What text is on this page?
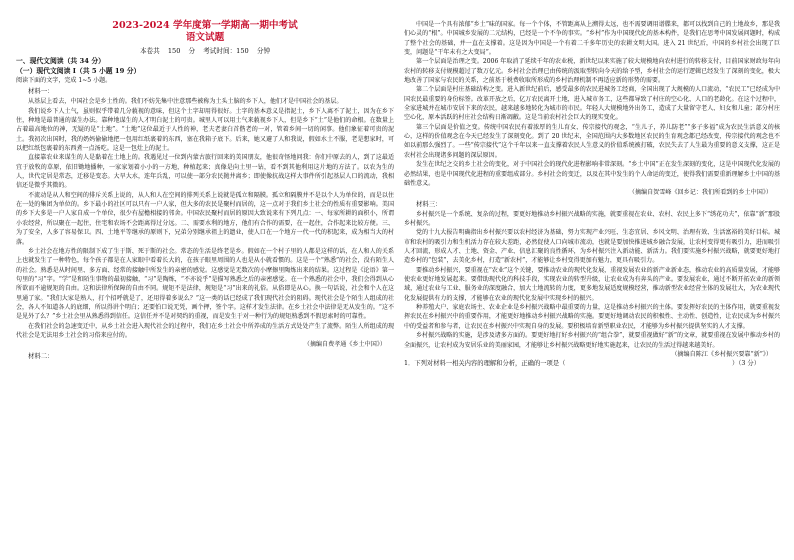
2023-2024 学年度第一学期高一期中考试
语文试题
本卷共 150 分 考试时间：150 分钟
一、现代文阅读（共 34 分）
（一）现代文阅读 I（共 5 小题 19 分）

阅读下面的文字，完成 1~5 小题。

材料一：

从基层上看去，中国社会是乡土性的。我们不妨先集中注意那些被称为土头土脑的乡下人，他们才是中国社会的基层。

我们说乡下人土气，虽则似乎带着几分藐视的意味，但这个土字却用得很好。土字的基本意义是指泥土，乡下人离不了泥土，因为在乡下住，种地是最普通的谋生办法。靠种地谋生的人才明白泥土的可贵。城里人可以用土气来藐视乡下人，但是乡下“土”是他们的命根。在数量上占着最高地位的神，无疑的是“土地”。“土地”这位最近于人性的神，老夫老妻白首偕老的一对，管着乡间一切的闲事。他们象征着可贵的泥土。我初次出国时，我的奶妈偷偷地把一包用红纸裹着的东西，塞在我箱子底下。后来，她又避了人和我说，假如水土不服，老是想家时，可以把红纸包裹着的东西煮一点汤吃。这是一包灶上的泥土。

直接靠农业来谋生的人是黏着在土地上的。我遇见过一位到内蒙古旅行回来的美国朋友，他很奇怪地问我：你们中原去的人，到了这最适宜于放牧的草原，依旧锄地播种，一家家划着小小的一方地，种植起来；真像是向土里一钻，看不到其他利用这片地的方法了。以农为生的人，世代定居是常态，迁移是变态。大旱大水，连年兵乱，可以使一部分农民抛井离乡；即使像抗战这样大事件所引起基层人口的流动，我相信还是微乎其微的。

不流动是从人和空间的排斥关系上说的，从人和人在空间的排列关系上说就是孤立和隔膜。孤立和隔膜并不是以个人为单位的，而是以住在一处的集团为单位的。乡下最小的社区可以只有一户人家，但大多的农民是聚村而居的，这一点对于我们乡土社会的性质有重要影响。美国的乡下大多是一户人家自成一个单位，很少有屋檐相接的邻舍。中国农民聚村而居的原因大致说来有下列几点：一、每家所耕的面积小，所谓小农经营，所以聚在一起住，住宅和农场不会距离得过分远。二、需要水利的地方，他们有合作的需要，在一起住，合作起来比较方便。三、为了安全，人多了容易保卫。四、土地平等继承的原则下，兄弟分别继承祖上的遗业，使人口在一个地方一代一代的积起来，成为相当大的村落。

乡土社会在地方性的限制下成了生于斯、死于斯的社会。常态的生活是终老是乡。假如在一个村子里的人都是这样的话，在人和人的关系上也就发生了一种特色，每个孩子都是在人家眼中看着长大的，在孩子眼里周围的人也是从小就看惯的。这是一个“熟悉”的社会，没有陌生人的社会。熟悉是从时间里、多方面、经常的接触中所发生的亲密的感觉。这感觉是无数次的小摩擦里陶炼出来的结果。这过程是《论语》第一句里的“习”字。“学”是和陌生事物的最初接触，“习”是陶炼，“不亦说乎”是描写熟悉之后的亲密感觉。在一个熟悉的社会中，我们会得到从心所欲而不逾规矩的自由。这和法律所保障的自由不同。规矩不是法律，规矩是“习”出来的礼俗。从俗即是从心。换一句话说，社会和个人在这里通了家。“我们大家是熟人，打个招呼就是了，还用得着多说么？”这一类的话已经成了我们现代社会的阻碍。现代社会是个陌生人组成的社会，各人不知道各人的底细，所以得讲个明白；还要怕口说无凭，画个押，签个字。这样才发生法律。在乡土社会中法律是无从发生的。“这不是见外了么？”乡土社会里从熟悉得到信任。这信任并不是对契约的重视，而是发生于对一种行为的规矩熟悉到不假思索时的可靠性。

在我们社会的急速变迁中，从乡土社会进入现代社会的过程中，我们在乡土社会中所养成的生活方式处处产生了流弊。陌生人所组成的现代社会是无法用乡土社会的习俗来应付的。

（摘编自费孝通《乡土中国》）
材料二：

中国是一个具有浓郁“乡土”味的国家。每一个个体，不管距离从上溯得太远，也不需要调用谱牒来，都可以找到自己的土地故乡，那是我们心灵的“根”。中国城乡发展的二元结构，已经是一个不争的事实。“乡村”作为中国现代化的基本构件，是我们在思考中国发展问题时，构成了整个社会的基础，并一直在支撑着。这是因为中国是一个有着二千多年历史的农耕文明大国。进入 21 世纪后，中国的乡村社会出现了巨变，问题是“干年未有之大变局”。

第一个层面是治理之变。2006 年取消了延续千年的农业税，新世纪以来实施了较大规模地向农村进行的转移支付，目前国家财政每年向农村的转移支付规模超过了数万亿元。乡村社会治理已由传统的汲取型转向今天的给予型，乡村社会的运行逻辑已经发生了深刻的变化，极大地改善了国家与农民的关系，之前基于税费收取所形成的乡村治理机制不再适应新的形势的需要。

第二个层面是村庄基础结构之变。进入新世纪前后，感受最多的农民进城务工经商，全国出现了大规模的人口流动，“农民工”已经成为中国农民最重要的身份标签。改革开放之后，亿万农民离开土地，进入城市务工，这些都导致了村庄的空心化、人口的老龄化。在这个过程中，全家进城并在城市安居下来的农民，越来越多地转化为城市的市民。年轻人大规模地外出务工，造成了大量留守老人、妇女和儿童；部分村庄空心化，原本活跃的村庄社会结构日渐凋敝。这是当前农村社会巨大的现实变化。

第三个层面是价值之变。传统中国农民有着浓厚的生儿育女、传宗接代的观念，“生儿子，养儿防老”“多子多福”成为农民生活意义的核心，这样的价值观念在今天已经发生了深刻变化。到了 20 世纪末，全国范围内大多数地区农民的生育观念都已经改变，传宗接代的观念也不如以前那么强烈了。一些“传宗接代”这个千年以来一直支撑着农民人生意义的价值系统被打破，农民失去了人生最为重要的意义支撑，这正是农村社会出现诸多问题的深层原因。

发生在世纪之交的乡土社会的变化，对于中国社会的现代化进程影响非常深刻。“乡土中国”正在发生深刻的变化，这是中国现代化发展的必然结果，也是中国现代化进程的重要组成部分。乡村社会的变迁，以及在其中发生的个人命运的变迁，使得我们需要重新理解乡土中国的基础性意义。

（摘编自贺雪峰《回乡记：我们所看到的乡土中国》）
材料三：

乡村振兴是一个系统、复杂的过程，要更好地推动乡村振兴战略的实施，就要重视在农业、农村、农民上多下“绣花功夫”，依靠“新”那股乡村振兴。

党的十九大报告明确指出乡村振兴要以农村经济为基础，努力实现产业兴旺、生态宜居、乡风文明、治理有效、生活富裕的美好目标。城市和农村的吸引力和生机活力存在较大差距，必然促使人口向城市流动，也就是要加快推进城乡融合发展，让农村变得更有吸引力，进而吸引人才回流，形成人才、土地、资金、产业、信息汇聚的良性循环，为乡村振兴注入新动能、新活力。我们要实施乡村振兴战略，就要更好地打造乡村的“包装”，去美化乡村，打造“新农村”，才能够让乡村变得更加有魅力，更具有吸引力。

要推动乡村振兴，要重视在“农业”这个关键，要推动农业的现代化发展，重视发展农业的新产业新业态，推动农业的高质量发展，才能够使农业更好地发展起来。要借助现代化的科技手段，实现农业的转型升级，让农业成为有奔头的产业。要发展农业，通过不断开拓农业的新领域，通过农业与工业、服务业的深度融合，加大土地流转的力度，更多地发展适度规模经营，推动新型农业经营主体的发展壮大，为农业现代化发展提供有力的支撑，才能够在农业的现代化发展中实现乡村的振兴。

种养殖大户、家庭农场主、农业企业是乡村振兴战略中最重要的力量，这是推动乡村振兴的主体。要发挥好农民的主体作用，就要重视发挥农民在乡村振兴中的重要作用，才能更好地推动乡村振兴战略的实施。要更好地调动农民的积极性、主动性、创造性，让农民成为乡村振兴中的受益者和参与者，让农民在乡村振兴中实现自身的发展。要积极培育新型职业农民，才能够为乡村振兴提供坚实的人才支撑。

乡村振兴战略的实施，是涉及诸多方面的。要更好地打好乡村振兴的“组合拳”，就要重视做好“新”的文章，就要重视在发展中推动乡村的全面振兴，让农村成为安居乐业的美丽家园，才能够让乡村振兴战略更好地实施起来，让农民的生活过得越来越美好。

（摘编自陈江《乡村振兴要靠“新”》）
1．下列对材料一相关内容的理解和分析，正确的一项是（	）（3 分）
